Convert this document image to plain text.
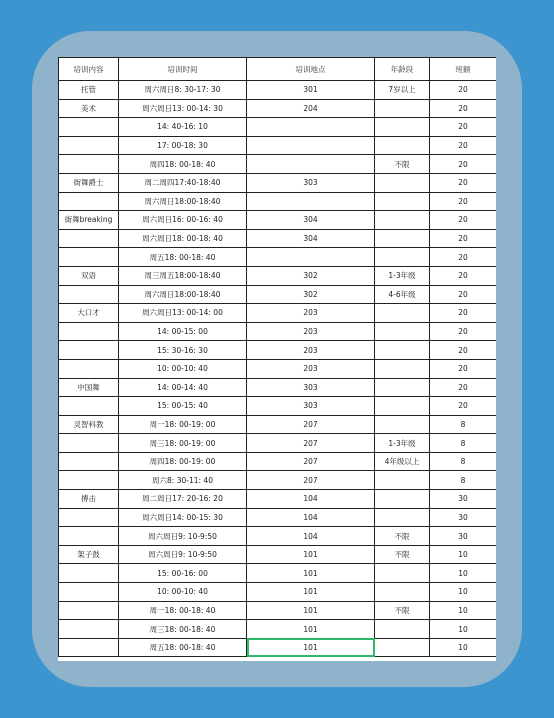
培训内容	培训时间	培训地点	年龄段	班额
托管	周六周日8: 30-17: 30	301	7岁以上	20
美术	周六周日13: 00-14: 30	204		20
	14: 40-16: 10			20
	17: 00-18: 30			20
	周四18: 00-18: 40		不限	20
街舞爵士	周二周四17:40-18:40	303		20
	周六周日18:00-18:40			20
街舞breaking	周六周日16: 00-16: 40	304		20
	周六周日18: 00-18: 40	304		20
	周五18: 00-18: 40			20
双语	周三周五18:00-18:40	302	1-3年级	20
	周六周日18:00-18:40	302	4-6年级	20
大口才	周六周日13: 00-14: 00	203		20
	14: 00-15: 00	203		20
	15: 30-16: 30	203		20
	10: 00-10: 40	203		20
中国舞	14: 00-14: 40	303		20
	15: 00-15: 40	303		20
灵智科教	周一18: 00-19: 00	207		8
	周三18: 00-19: 00	207	1-3年级	8
	周四18: 00-19: 00	207	4年级以上	8
	周六8: 30-11: 40	207		8
搏击	周二周日17: 20-16: 20	104		30
	周六周日14: 00-15: 30	104		30
	周六周日9: 10-9:50	104	不限	30
架子鼓	周六周日9: 10-9:50	101	不限	10
	15: 00-16: 00	101		10
	10: 00-10: 40	101		10
	周一18: 00-18: 40	101	不限	10
	周三18: 00-18: 40	101		10
	周五18: 00-18: 40	101		10
